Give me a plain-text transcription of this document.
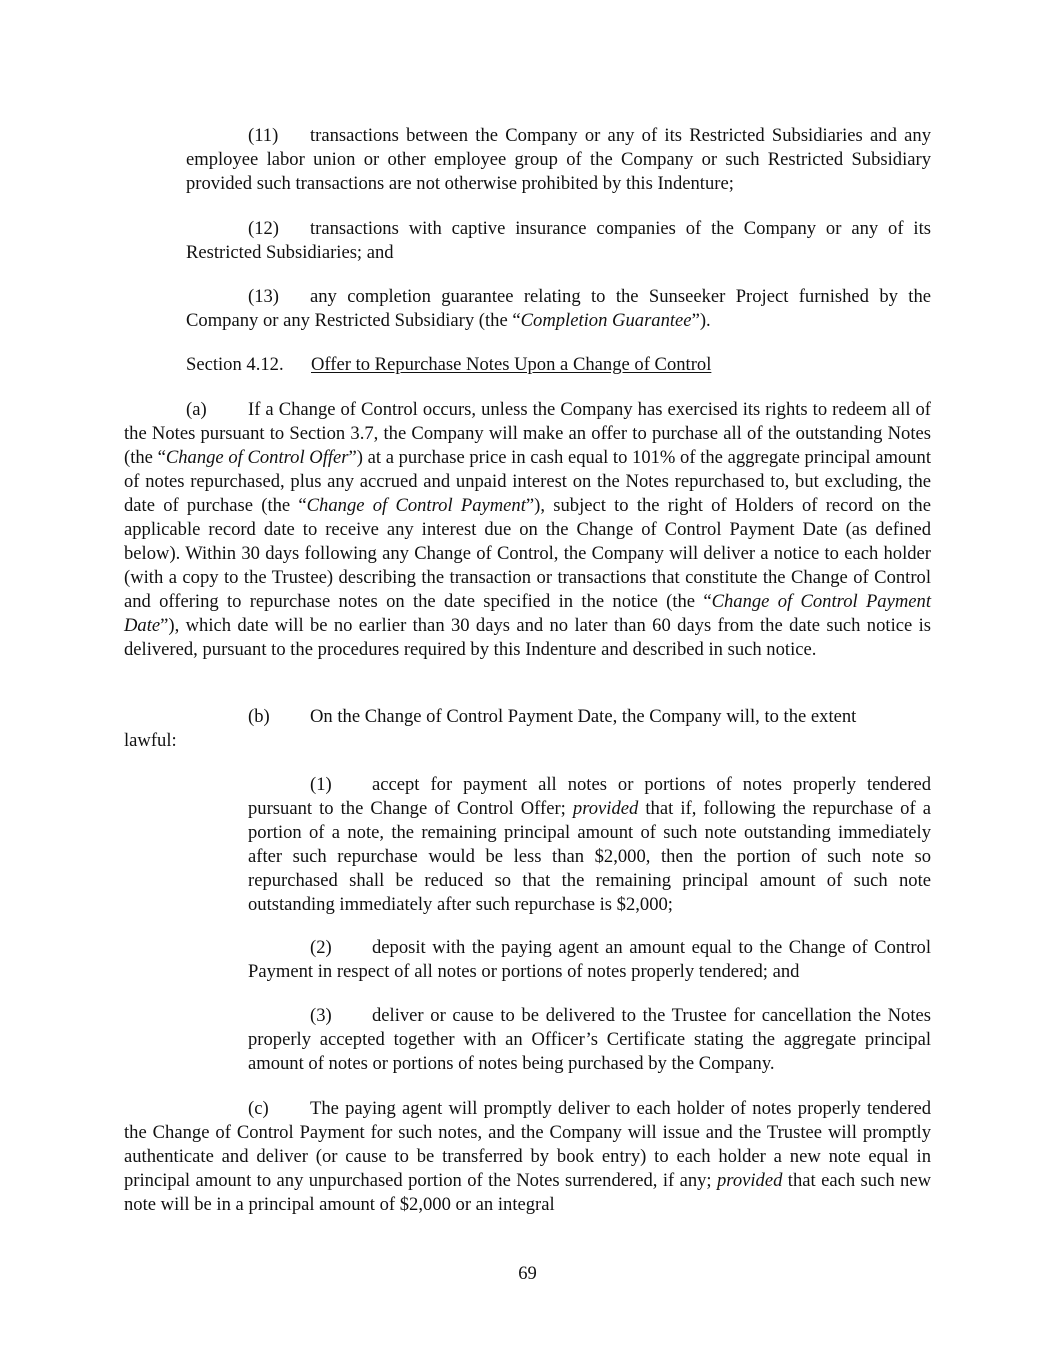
(11) transactions between the Company or any of its Restricted Subsidiaries and any employee labor union or other employee group of the Company or such Restricted Subsidiary provided such transactions are not otherwise prohibited by this Indenture;

(12) transactions with captive insurance companies of the Company or any of its Restricted Subsidiaries; and

(13) any completion guarantee relating to the Sunseeker Project furnished by the Company or any Restricted Subsidiary (the “Completion Guarantee”).

Section 4.12. Offer to Repurchase Notes Upon a Change of Control

(a) If a Change of Control occurs, unless the Company has exercised its rights to redeem all of the Notes pursuant to Section 3.7, the Company will make an offer to purchase all of the outstanding Notes (the “Change of Control Offer”) at a purchase price in cash equal to 101% of the aggregate principal amount of notes repurchased, plus any accrued and unpaid interest on the Notes repurchased to, but excluding, the date of purchase (the “Change of Control Payment”), subject to the right of Holders of record on the applicable record date to receive any interest due on the Change of Control Payment Date (as defined below). Within 30 days following any Change of Control, the Company will deliver a notice to each holder (with a copy to the Trustee) describing the transaction or transactions that constitute the Change of Control and offering to repurchase notes on the date specified in the notice (the “Change of Control Payment Date”), which date will be no earlier than 30 days and no later than 60 days from the date such notice is delivered, pursuant to the procedures required by this Indenture and described in such notice.

(b) On the Change of Control Payment Date, the Company will, to the extent
lawful:

(1) accept for payment all notes or portions of notes properly tendered pursuant to the Change of Control Offer; provided that if, following the repurchase of a portion of a note, the remaining principal amount of such note outstanding immediately after such repurchase would be less than $2,000, then the portion of such note so repurchased shall be reduced so that the remaining principal amount of such note outstanding immediately after such repurchase is $2,000;

(2) deposit with the paying agent an amount equal to the Change of Control Payment in respect of all notes or portions of notes properly tendered; and

(3) deliver or cause to be delivered to the Trustee for cancellation the Notes properly accepted together with an Officer’s Certificate stating the aggregate principal amount of notes or portions of notes being purchased by the Company.

(c) The paying agent will promptly deliver to each holder of notes properly tendered the Change of Control Payment for such notes, and the Company will issue and the Trustee will promptly authenticate and deliver (or cause to be transferred by book entry) to each holder a new note equal in principal amount to any unpurchased portion of the Notes surrendered, if any; provided that each such new note will be in a principal amount of $2,000 or an integral

69
